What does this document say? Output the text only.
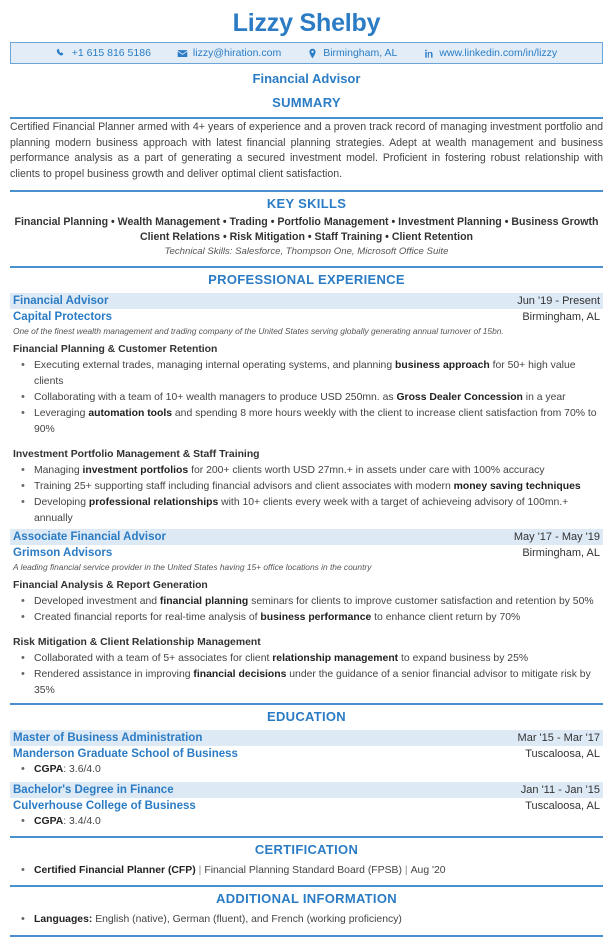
Lizzy Shelby
+1 615 816 5186	lizzy@hiration.com	Birmingham, AL	www.linkedin.com/in/lizzy
Financial Advisor
SUMMARY
Certified Financial Planner armed with 4+ years of experience and a proven track record of managing investment portfolio and planning modern business approach with latest financial planning strategies. Adept at wealth management and business performance analysis as a part of generating a secured investment model. Proficient in fostering robust relationship with clients to propel business growth and deliver optimal client satisfaction.
KEY SKILLS
Financial Planning • Wealth Management • Trading • Portfolio Management • Investment Planning • Business Growth
Client Relations • Risk Mitigation • Staff Training • Client Retention
Technical Skills: Salesforce, Thompson One, Microsoft Office Suite
PROFESSIONAL EXPERIENCE
Financial Advisor	Jun '19 - Present
Capital Protectors	Birmingham, AL
One of the finest wealth management and trading company of the United States serving globally generating annual turnover of 15bn.
Financial Planning & Customer Retention
• Executing external trades, managing internal operating systems, and planning business approach for 50+ high value clients
• Collaborating with a team of 10+ wealth managers to produce USD 250mn. as Gross Dealer Concession in a year
• Leveraging automation tools and spending 8 more hours weekly with the client to increase client satisfaction from 70% to 90%
Investment Portfolio Management & Staff Training
• Managing investment portfolios for 200+ clients worth USD 27mn.+ in assets under care with 100% accuracy
• Training 25+ supporting staff including financial advisors and client associates with modern money saving techniques
• Developing professional relationships with 10+ clients every week with a target of achieveing advisory of 100mn.+ annually
Associate Financial Advisor	May '17 - May '19
Grimson Advisors	Birmingham, AL
A leading financial service provider in the United States having 15+ office locations in the country
Financial Analysis & Report Generation
• Developed investment and financial planning seminars for clients to improve customer satisfaction and retention by 50%
• Created financial reports for real-time analysis of business performance to enhance client return by 70%
Risk Mitigation & Client Relationship Management
• Collaborated with a team of 5+ associates for client relationship management to expand business by 25%
• Rendered assistance in improving financial decisions under the guidance of a senior financial advisor to mitigate risk by 35%
EDUCATION
Master of Business Administration	Mar '15 - Mar '17
Manderson Graduate School of Business	Tuscaloosa, AL
• CGPA: 3.6/4.0
Bachelor's Degree in Finance	Jan '11 - Jan '15
Culverhouse College of Business	Tuscaloosa, AL
• CGPA: 3.4/4.0
CERTIFICATION
• Certified Financial Planner (CFP) | Financial Planning Standard Board (FPSB) | Aug '20
ADDITIONAL INFORMATION
• Languages: English (native), German (fluent), and French (working proficiency)
